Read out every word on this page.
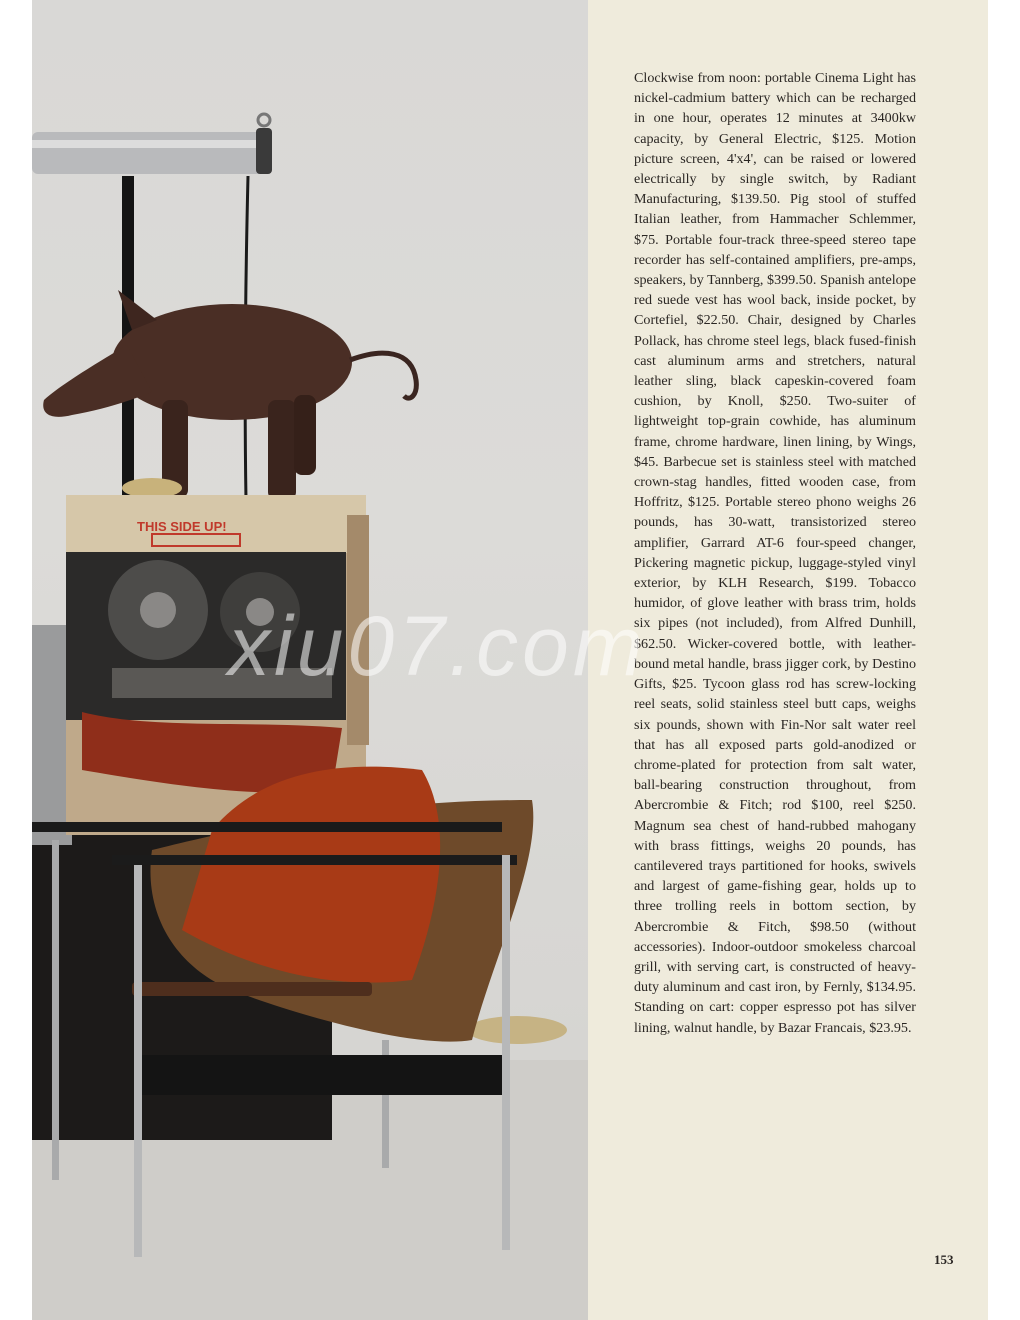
THIS SIDE UP!

Clockwise from noon: portable Cinema Light has nickel-cadmium battery which can be recharged in one hour, operates 12 minutes at 3400kw capacity, by General Electric, $125. Motion picture screen, 4'x4', can be raised or lowered electrically by single switch, by Radiant Manufacturing, $139.50. Pig stool of stuffed Italian leather, from Hammacher Schlemmer, $75. Portable four-track three-speed stereo tape recorder has self-contained amplifiers, pre-amps, speakers, by Tannberg, $399.50. Spanish antelope red suede vest has wool back, inside pocket, by Cortefiel, $22.50. Chair, designed by Charles Pollack, has chrome steel legs, black fused-finish cast aluminum arms and stretchers, natural leather sling, black capeskin-covered foam cushion, by Knoll, $250. Two-suiter of lightweight top-grain cowhide, has aluminum frame, chrome hardware, linen lining, by Wings, $45. Barbecue set is stainless steel with matched crown-stag handles, fitted wooden case, from Hoffritz, $125. Portable stereo phono weighs 26 pounds, has 30-watt, transistorized stereo amplifier, Garrard AT-6 four-speed changer, Pickering magnetic pickup, luggage-styled vinyl exterior, by KLH Research, $199. Tobacco humidor, of glove leather with brass trim, holds six pipes (not included), from Alfred Dunhill, $62.50. Wicker-covered bottle, with leather-bound metal handle, brass jigger cork, by Destino Gifts, $25. Tycoon glass rod has screw-locking reel seats, solid stainless steel butt caps, weighs six pounds, shown with Fin-Nor salt water reel that has all exposed parts gold-anodized or chrome-plated for protection from salt water, ball-bearing construction throughout, from Abercrombie & Fitch; rod $100, reel $250. Magnum sea chest of hand-rubbed mahogany with brass fittings, weighs 20 pounds, has cantilevered trays partitioned for hooks, swivels and largest of game-fishing gear, holds up to three trolling reels in bottom section, by Abercrombie & Fitch, $98.50 (without accessories). Indoor-outdoor smokeless charcoal grill, with serving cart, is constructed of heavy-duty aluminum and cast iron, by Fernly, $134.95. Standing on cart: copper espresso pot has silver lining, walnut handle, by Bazar Francais, $23.95.

153
xiu07.com
